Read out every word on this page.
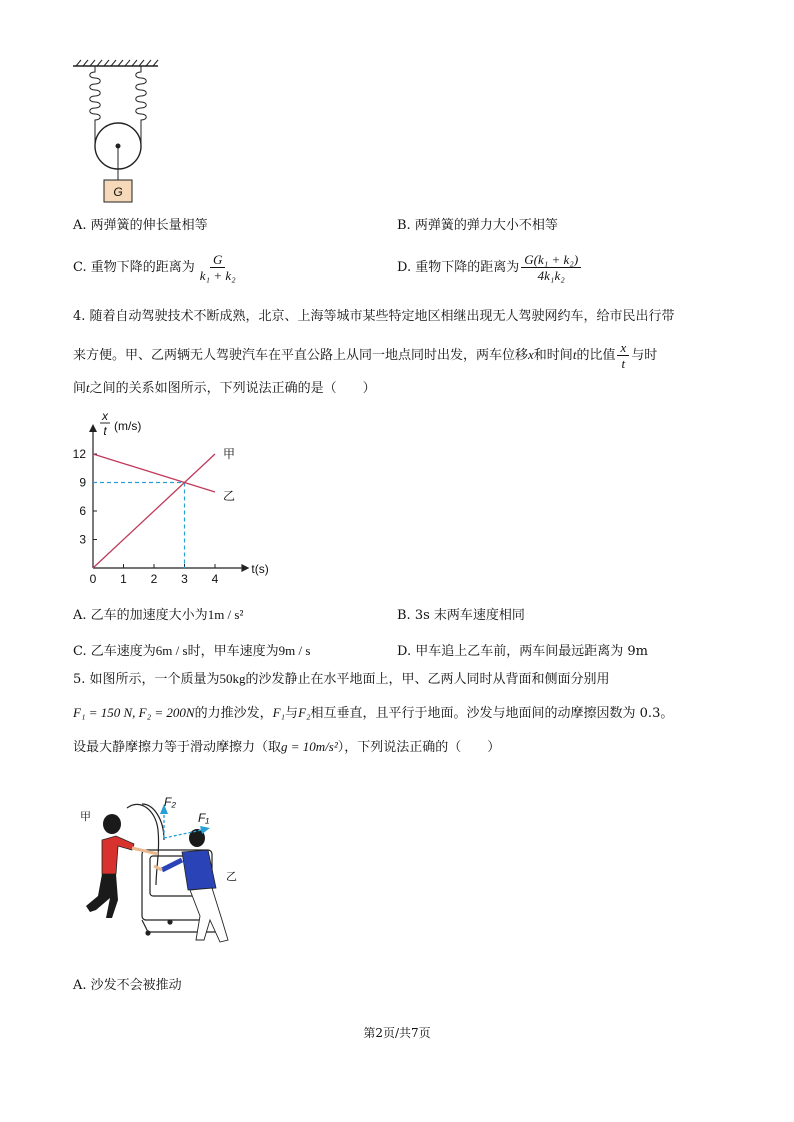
G
A. 两弹簧的伸长量相等	B. 两弹簧的弹力大小不相等
C. 重物下降的距离为 $\frac{G}{\text{k₁ + k₂}}$	D. 重物下降的距离为 $\frac{\text{G(k₁ + k₂)}}{\text{4k₁k₂}}$
4. 随着自动驾驶技术不断成熟，北京、上海等城市某些特定地区相继出现无人驾驶网约车，给市民出行带
来方便。甲、乙两辆无人驾驶汽车在平直公路上从同一地点同时出发，两车位移x和时间t的比值 $\frac{x}{t}$ 与时
间t之间的关系如图所示，下列说法正确的是（　　）
0 1 2 3 4
3
6
9
12	甲
乙
x
t (m/s)
t(s)
A. 乙车的加速度大小为1m / s²	B. 3s 末两车速度相同
C. 乙车速度为6m / s时，甲车速度为9m / s	D. 甲车追上乙车前，两车间最远距离为 9m
5. 如图所示，一个质量为50kg的沙发静止在水平地面上，甲、乙两人同时从背面和侧面分别用
F₁ = 150 N, F₂ = 200N的力推沙发，F₁与F₂相互垂直，且平行于地面。沙发与地面间的动摩擦因数为 0.3。
设最大静摩擦力等于滑动摩擦力（取g = 10m/s²），下列说法正确的（　　）
F₂
F₁
甲
乙
A. 沙发不会被推动
第2页/共7页
